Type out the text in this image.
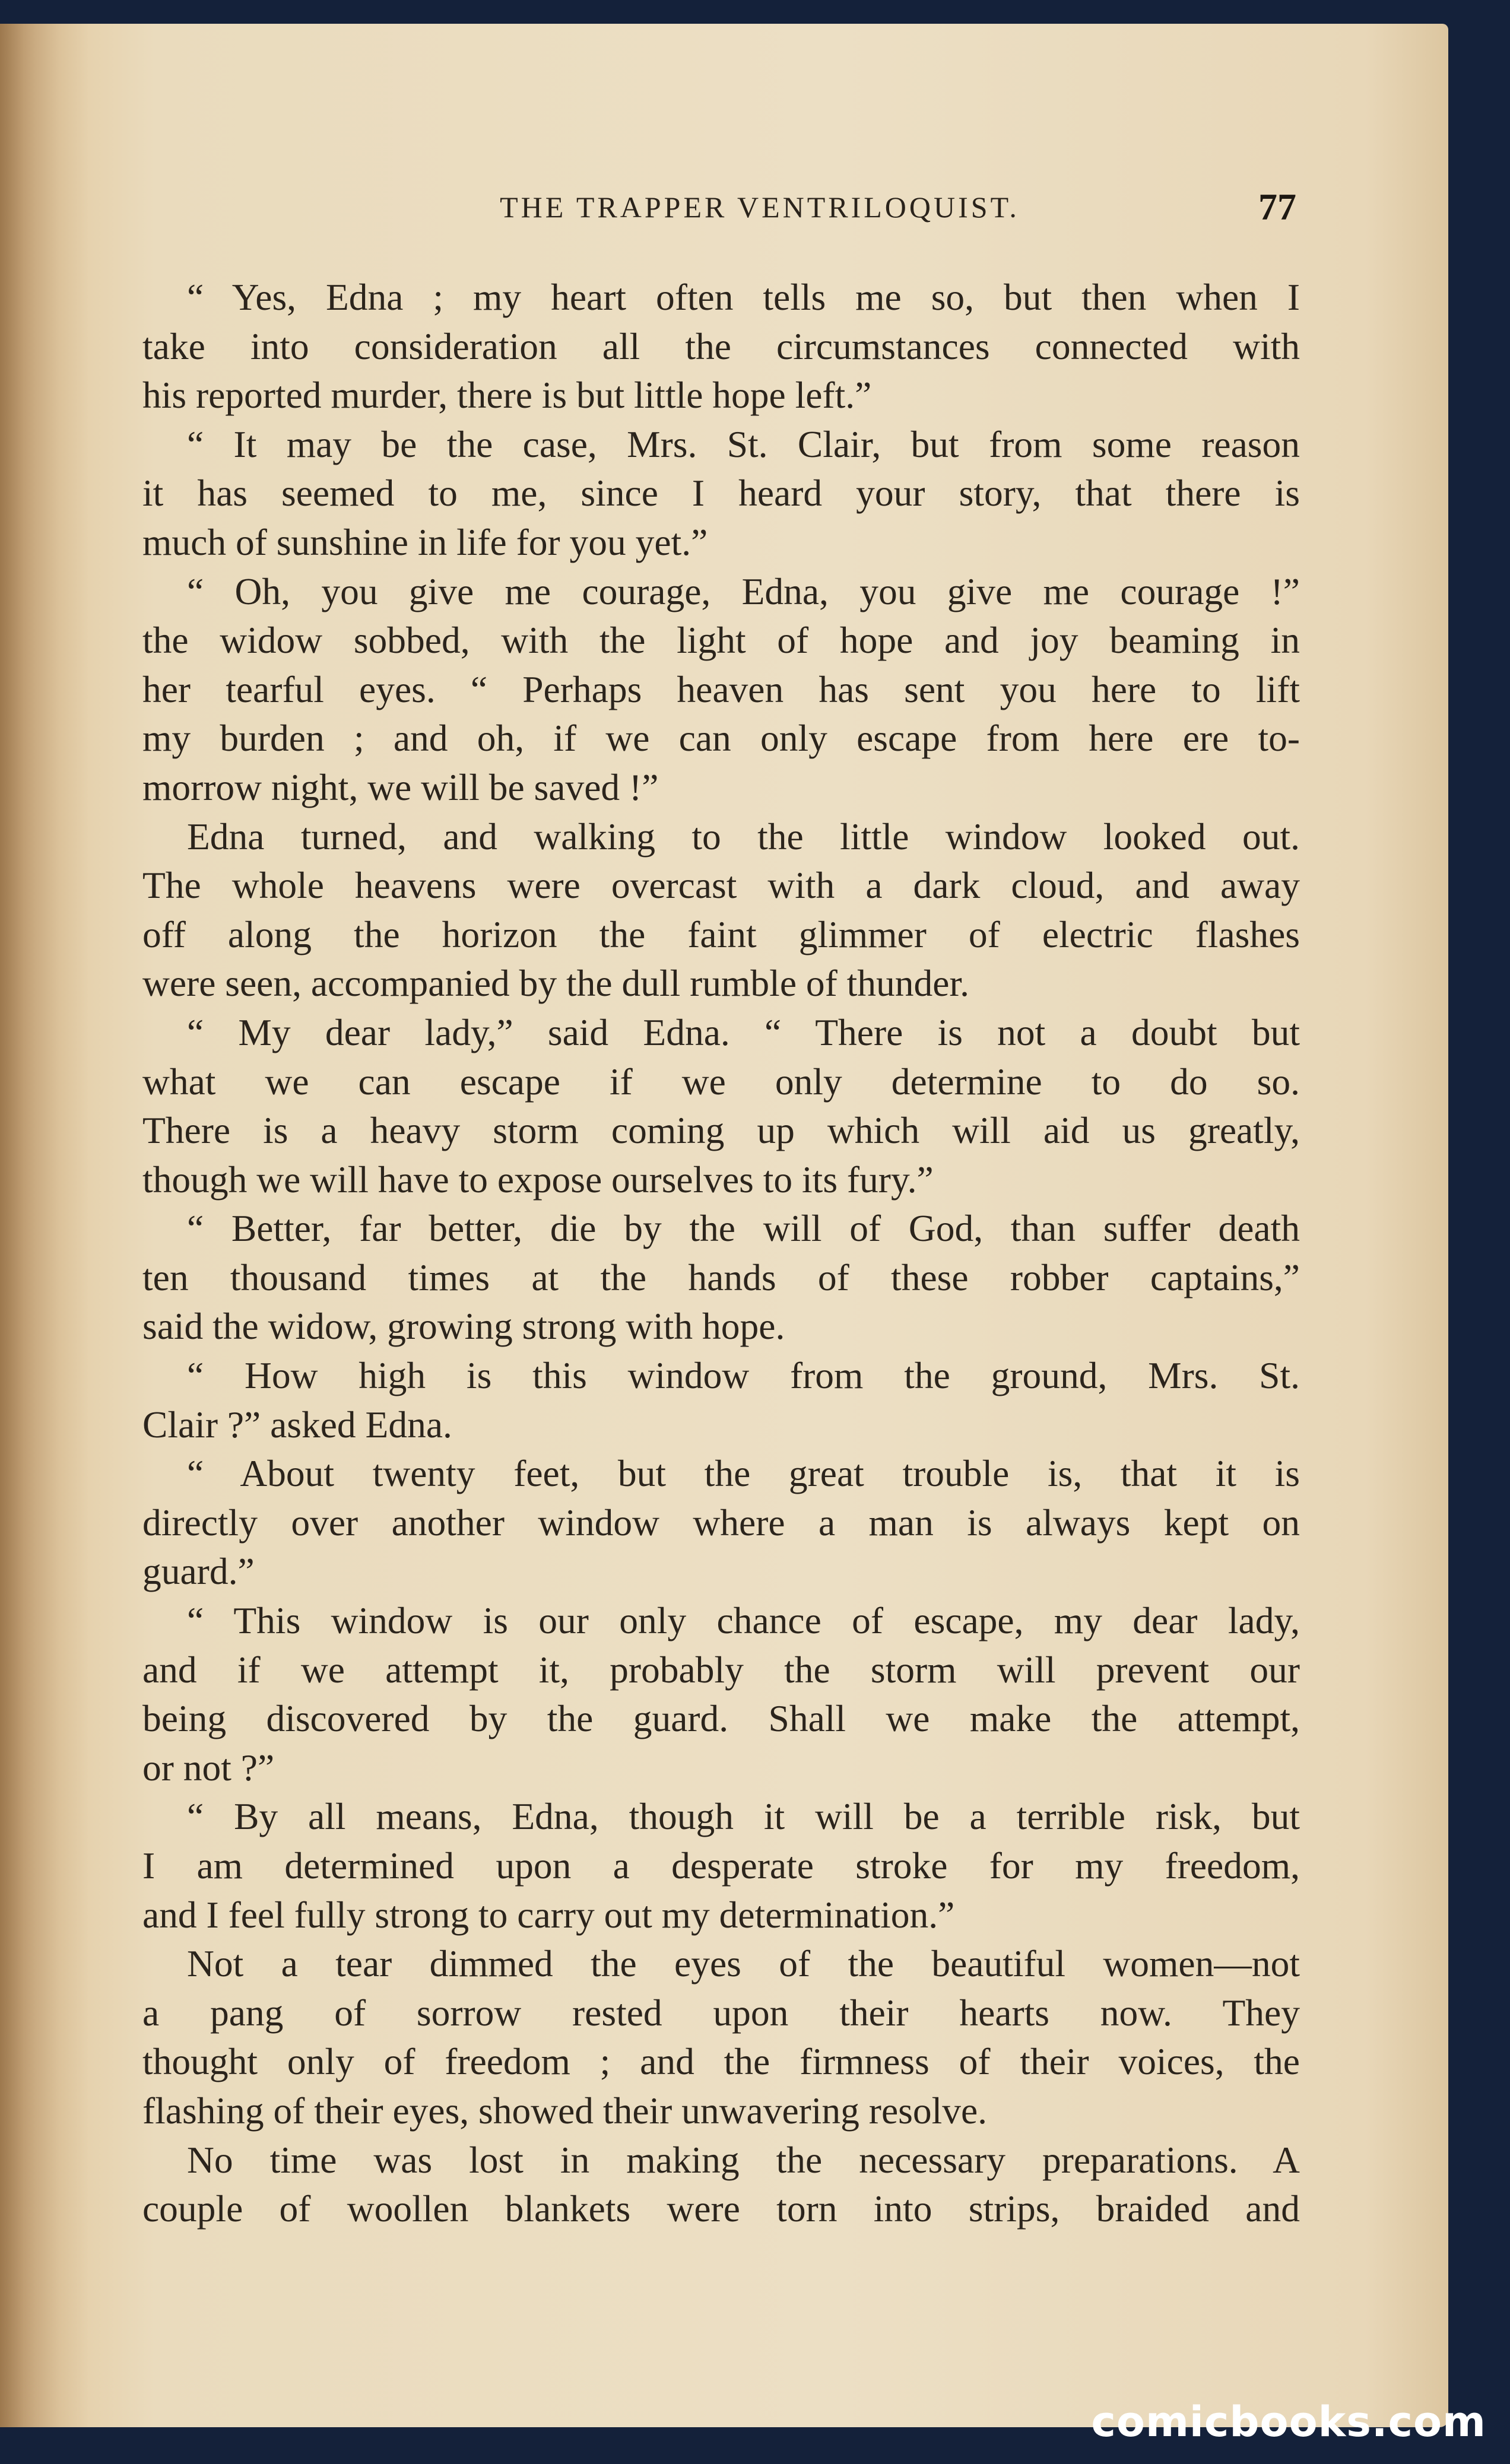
THE TRAPPER VENTRILOQUIST.	77
“ Yes, Edna ; my heart often tells me so, but then when I
take into consideration all the circumstances connected with
his reported murder, there is but little hope left.”
“ It may be the case, Mrs. St. Clair, but from some reason
it has seemed to me, since I heard your story, that there is
much of sunshine in life for you yet.”
“ Oh, you give me courage, Edna, you give me courage !”
the widow sobbed, with the light of hope and joy beaming in
her tearful eyes. “ Perhaps heaven has sent you here to lift
my burden ; and oh, if we can only escape from here ere to-
morrow night, we will be saved !”
Edna turned, and walking to the little window looked out.
The whole heavens were overcast with a dark cloud, and away
off along the horizon the faint glimmer of electric flashes
were seen, accompanied by the dull rumble of thunder.
“ My dear lady,” said Edna. “ There is not a doubt but
what we can escape if we only determine to do so.
There is a heavy storm coming up which will aid us greatly,
though we will have to expose ourselves to its fury.”
“ Better, far better, die by the will of God, than suffer death
ten thousand times at the hands of these robber captains,”
said the widow, growing strong with hope.
“ How high is this window from the ground, Mrs. St.
Clair ?” asked Edna.
“ About twenty feet, but the great trouble is, that it is
directly over another window where a man is always kept on
guard.”
“ This window is our only chance of escape, my dear lady,
and if we attempt it, probably the storm will prevent our
being discovered by the guard. Shall we make the attempt,
or not ?”
“ By all means, Edna, though it will be a terrible risk, but
I am determined upon a desperate stroke for my freedom,
and I feel fully strong to carry out my determination.”
Not a tear dimmed the eyes of the beautiful women—not
a pang of sorrow rested upon their hearts now. They
thought only of freedom ; and the firmness of their voices, the
flashing of their eyes, showed their unwavering resolve.
No time was lost in making the necessary preparations. A
couple of woollen blankets were torn into strips, braided and
comicbooks.com
